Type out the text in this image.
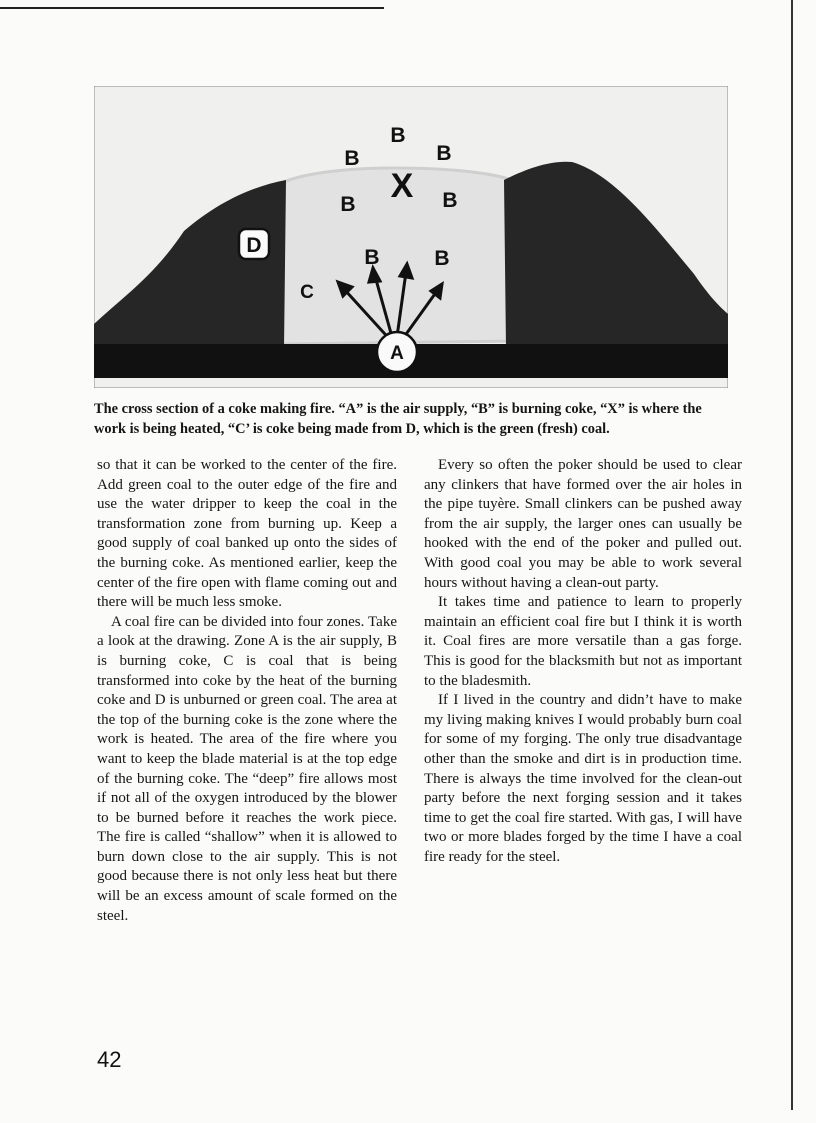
A
B
B	B
B	B
B	B
X
C
D

The cross section of a coke making fire. “A” is the air supply, “B” is burning coke, “X” is where the work is being heated, “C’ is coke being made from D, which is the green (fresh) coal.

so that it can be worked to the center of the fire. Add green coal to the outer edge of the fire and use the water dripper to keep the coal in the transformation zone from burning up. Keep a good supply of coal banked up onto the sides of the burning coke. As mentioned earlier, keep the center of the fire open with flame coming out and there will be much less smoke.

A coal fire can be divided into four zones. Take a look at the drawing. Zone A is the air supply, B is burning coke, C is coal that is being transformed into coke by the heat of the burning coke and D is unburned or green coal. The area at the top of the burning coke is the zone where the work is heated. The area of the fire where you want to keep the blade material is at the top edge of the burning coke. The “deep” fire allows most if not all of the oxygen introduced by the blower to be burned before it reaches the work piece. The fire is called “shallow” when it is allowed to burn down close to the air supply. This is not good because there is not only less heat but there will be an excess amount of scale formed on the steel.

Every so often the poker should be used to clear any clinkers that have formed over the air holes in the pipe tuyère. Small clinkers can be pushed away from the air supply, the larger ones can usually be hooked with the end of the poker and pulled out. With good coal you may be able to work several hours without having a clean-out party.

It takes time and patience to learn to properly maintain an efficient coal fire but I think it is worth it. Coal fires are more versatile than a gas forge. This is good for the blacksmith but not as important to the bladesmith.

If I lived in the country and didn’t have to make my living making knives I would probably burn coal for some of my forging. The only true disadvantage other than the smoke and dirt is in production time. There is always the time involved for the clean-out party before the next forging session and it takes time to get the coal fire started. With gas, I will have two or more blades forged by the time I have a coal fire ready for the steel.

42
